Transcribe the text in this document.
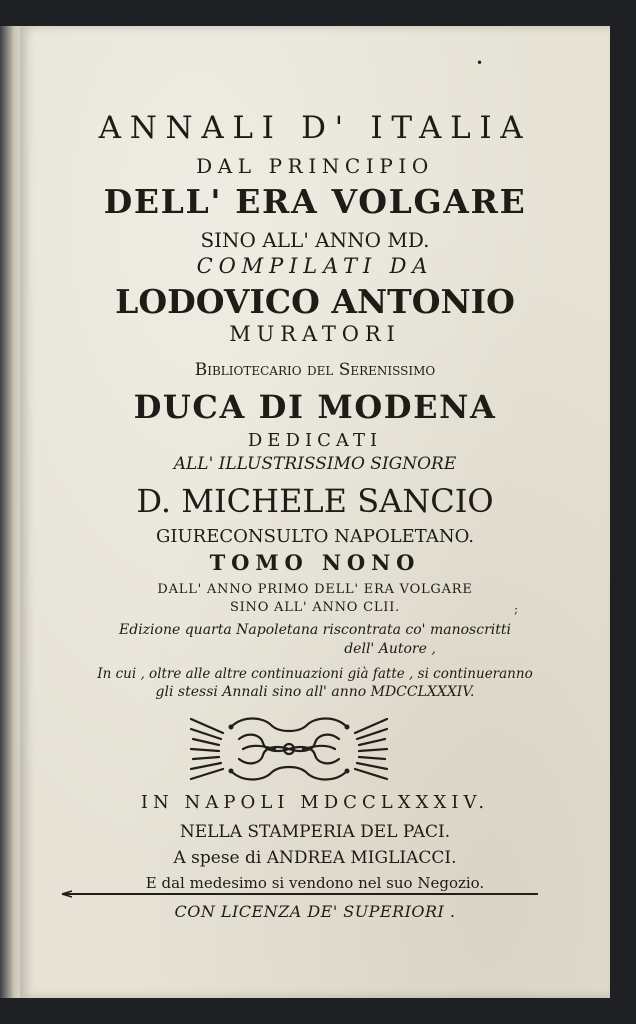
ANNALI D' ITALIA
DAL PRINCIPIO
DELL' ERA VOLGARE
SINO ALL' ANNO MD.
COMPILATI DA
LODOVICO ANTONIO
MURATORI
Bibliotecario del Serenissimo
DUCA DI MODENA
DEDICATI
ALL' ILLUSTRISSIMO SIGNORE
D. MICHELE SANCIO
GIURECONSULTO NAPOLETANO.
TOMO NONO
DALL' ANNO PRIMO DELL' ERA VOLGARE
SINO ALL' ANNO CLII.
Edizione quarta Napoletana riscontrata co' manoscritti
dell' Autore ,
In cui , oltre alle altre continuazioni già fatte , si continueranno
gli stessi Annali sino all' anno MDCCLXXXIV.
IN NAPOLI MDCCLXXXIV.
NELLA STAMPERIA DEL PACI.
A spese di ANDREA MIGLIACCI.
E dal medesimo si vendono nel suo Negozio.
CON LICENZA DE' SUPERIORI .
•
;
